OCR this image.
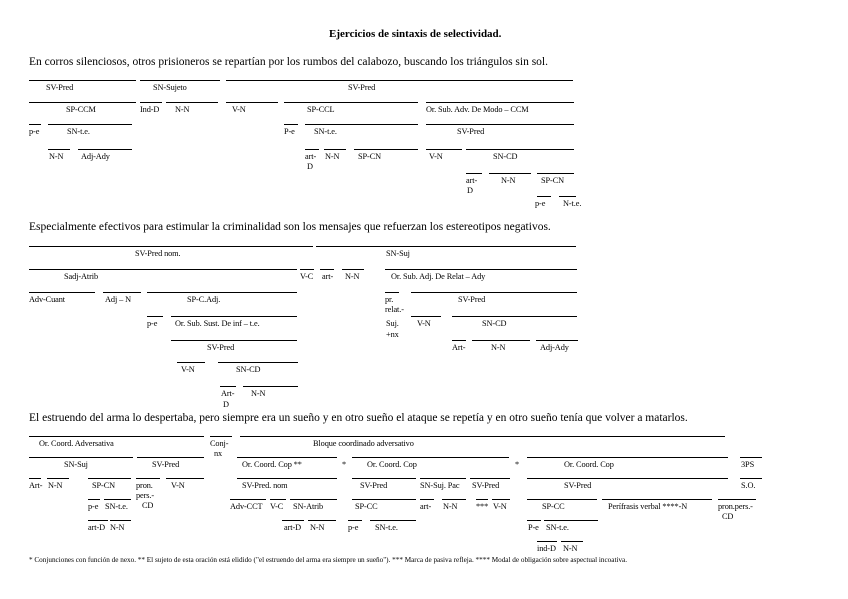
Ejercicios de sintaxis de selectividad.
En corros silenciosos, otros prisioneros se repartían por los rumbos del calabozo, buscando los triángulos sin sol.
SV-Pred	SN-Sujeto	SV-Pred
SP-CCM	Ind-D N-N	V-N	SP-CCL	Or. Sub. Adv. De Modo – CCM
p-e	SN-t.e.	P-e SN-t.e.	SV-Pred
N-N Adj-Ady	art-
D
N-N SP-CN	V-N	SN-CD
art-
D
N-N	SP-CN
p-e N-t.e.
Especialmente efectivos para estimular la criminalidad son los mensajes que refuerzan los estereotipos negativos.
SV-Pred nom.	SN-Suj
Sadj-Atrib	V-C art- N-N	Or. Sub. Adj. De Relat – Ady
Adv-Cuant	Adj – N	SP-C.Adj.	pr.
relat.-
Suj.
+nx
SV-Pred
p-e Or. Sub. Sust. De inf – t.e.	V-N	SN-CD
SV-Pred	Art-	N-N	Adj-Ady
V-N	SN-CD
Art-
D
N-N
El estruendo del arma lo despertaba, pero siempre era un sueño y en otro sueño el ataque se repetía y en otro sueño tenía que volver a matarlos.
Or. Coord. Adversativa	Conj-
nx
Bloque coordinado adversativo
SN-Suj	SV-Pred	Or. Coord. Cop **	*	Or. Coord. Cop	*	Or. Coord. Cop	3PS
Art- N-N	SP-CN	pron.
pers.-
CD
V-N	SV-Pred. nom	SV-Pred	SN-Suj. Pac SV-Pred	SV-Pred	S.O.
p-e SN-t.e.	Adv-CCT V-C SN-Atrib	SP-CC	art- N-N *** V-N	SP-CC	Perífrasis verbal ****-N	pron.pers.-
CD
art-D N-N	art-D N-N	p-e SN-t.e.	P-e SN-t.e.
ind-D N-N
* Conjunciones con función de nexo. ** El sujeto de esta oración está elidido ("el estruendo del arma era siempre un sueño"). *** Marca de pasiva refleja. **** Modal de obligación sobre aspectual incoativa.
